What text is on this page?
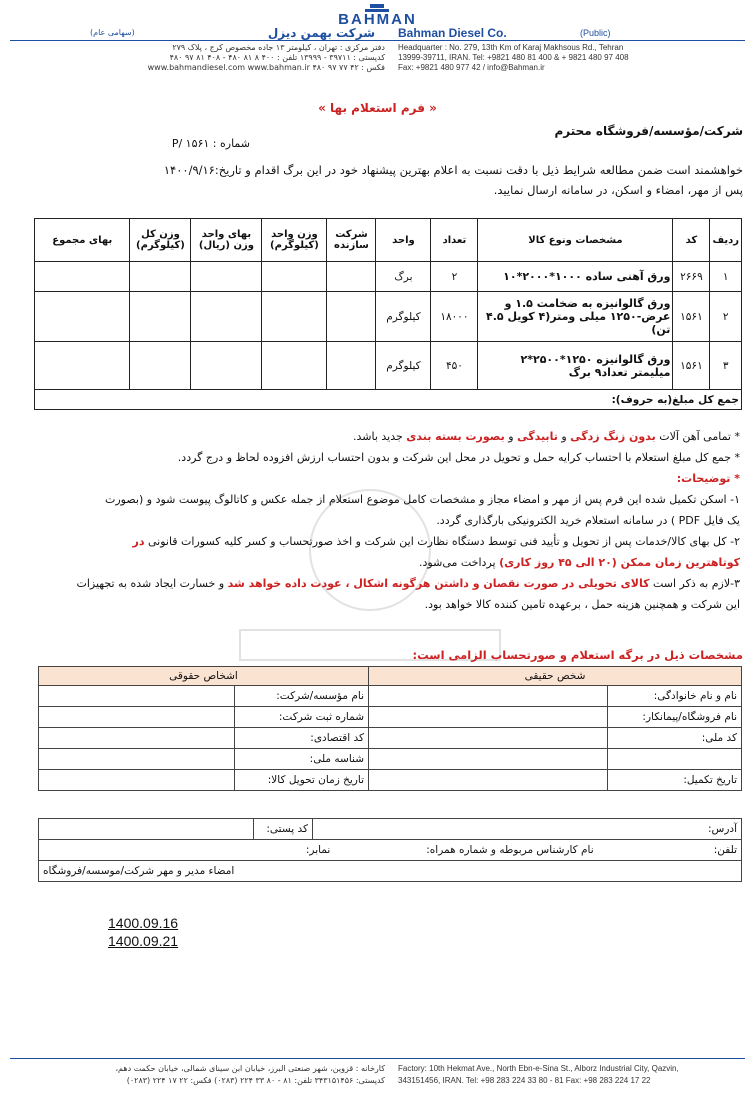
BAHMAN
(سهامی عام)	شرکت بهمن دیزل Bahman Diesel Co.	(Public)
دفتر مرکزی : تهران ، کیلومتر ۱۳ جاده مخصوص کرج ، پلاک ۲۷۹
کدپستی : ۳۹۷۱۱ - ۱۳۹۹۹ تلفن : ۴۰۰ ۸ ۸۱ ۴۸۰ - ۴۰۸ ۸۱ ۹۷ ۴۸۰
فکس : ۴۲ ۷۷ ۹۷ ۴۸۰ www.bahmandiesel.com www.bahman.ir
Headquarter : No. 279, 13th Km of Karaj Makhsous Rd., Tehran
13999-39711, IRAN. Tel: +9821 480 81 400 & + 9821 480 97 408
Fax: +9821 480 977 42 / info@Bahman.ir
« فرم استعلام بها »
شرکت/مؤسسه/فروشگاه محترم
شماره : P/ ۱۵۶۱
خواهشمند است ضمن مطالعه شرایط ذیل با دقت نسبت به اعلام بهترین پیشنهاد خود در این برگ اقدام و تاریخ:۱۴۰۰/۹/۱۶
پس از مهر، امضاء و اسکن، در سامانه ارسال نمایید.
ردیف	کد	مشخصات ونوع کالا	تعداد	واحد	شرکت سازنده	وزن واحد (کیلوگرم)	بهای واحد وزن (ریال)	وزن کل (کیلوگرم)	بهای مجموع
۱	۲۶۶۹	ورق آهنی ساده ۱۰۰۰*۲۰۰۰*۱۰	۲	برگ					
۲	۱۵۶۱	ورق گالوانیزه به ضخامت ۱.۵ و عرض-۱۲۵۰ میلی ومتر(۴ کویل ۴.۵ تن)	۱۸۰۰۰	کیلوگرم					
۳	۱۵۶۱	ورق گالوانیزه ۱۲۵۰*۲۵۰۰*۲ میلیمتر تعداد۹ برگ	۴۵۰	کیلوگرم					
جمع کل مبلغ(به حروف):									
* تمامی آهن آلات بدون زنگ زدگی و تابیدگی و بصورت بسته بندی جدید باشد.
* جمع کل مبلغ استعلام با احتساب کرایه حمل و تحویل در محل این شرکت و بدون احتساب ارزش افزوده لحاظ و درج گردد.
* توضیحات:
۱- اسکن تکمیل شده این فرم پس از مهر و امضاء مجاز و مشخصات کامل موضوع استعلام از جمله عکس و کاتالوگ پیوست شود و (بصورت
یک فایل PDF ) در سامانه استعلام خرید الکترونیکی بارگذاری گردد.
۲- کل بهای کالا/خدمات پس از تحویل و تأیید فنی توسط دستگاه نظارت این شرکت و اخذ صورتحساب و کسر کلیه کسورات قانونی در
کوتاهترین زمان ممکن (۲۰ الی ۴۵ روز کاری) پرداخت می‌شود.
۳-لازم به ذکر است کالای تحویلی در صورت نقصان و داشتن هرگونه اشکال ، عودت داده خواهد شد و خسارت ایجاد شده به تجهیزات
این شرکت و همچنین هزینه حمل ، برعهده تامین کننده کالا خواهد بود.
مشخصات ذیل در برگه استعلام و صورتحساب الزامی است:
شخص حقیقی		اشخاص حقوقی	
نام و نام خانوادگی:		نام مؤسسه/شرکت:	
نام فروشگاه/پیمانکار:		شماره ثبت شرکت:	
کد ملی:		کد اقتصادی:	
		شناسه ملی:	
تاریخ تکمیل:		تاریخ زمان تحویل کالا:	
آدرس:	کد پستی:	
تلفن: نام کارشناس مربوطه و شماره همراه: نمابر:

امضاء مدیر و مهر شرکت/موسسه/فروشگاه
1400.09.16
1400.09.21
کارخانه : قزوین، شهر صنعتی البرز، خیابان ابن سینای شمالی، خیابان حکمت دهم،
کدپستی: ۳۴۳۱۵۱۴۵۶ تلفن: ۸۱ - ۸۰ ۳۳ ۲۲۴ (۰۲۸۳) فکس: ۲۲ ۱۷ ۲۲۴ (۰۲۸۳)
Factory: 10th Hekmat Ave., North Ebn-e-Sina St., Alborz Industrial City, Qazvin,
343151456, IRAN. Tel: +98 283 224 33 80 - 81 Fax: +98 283 224 17 22
